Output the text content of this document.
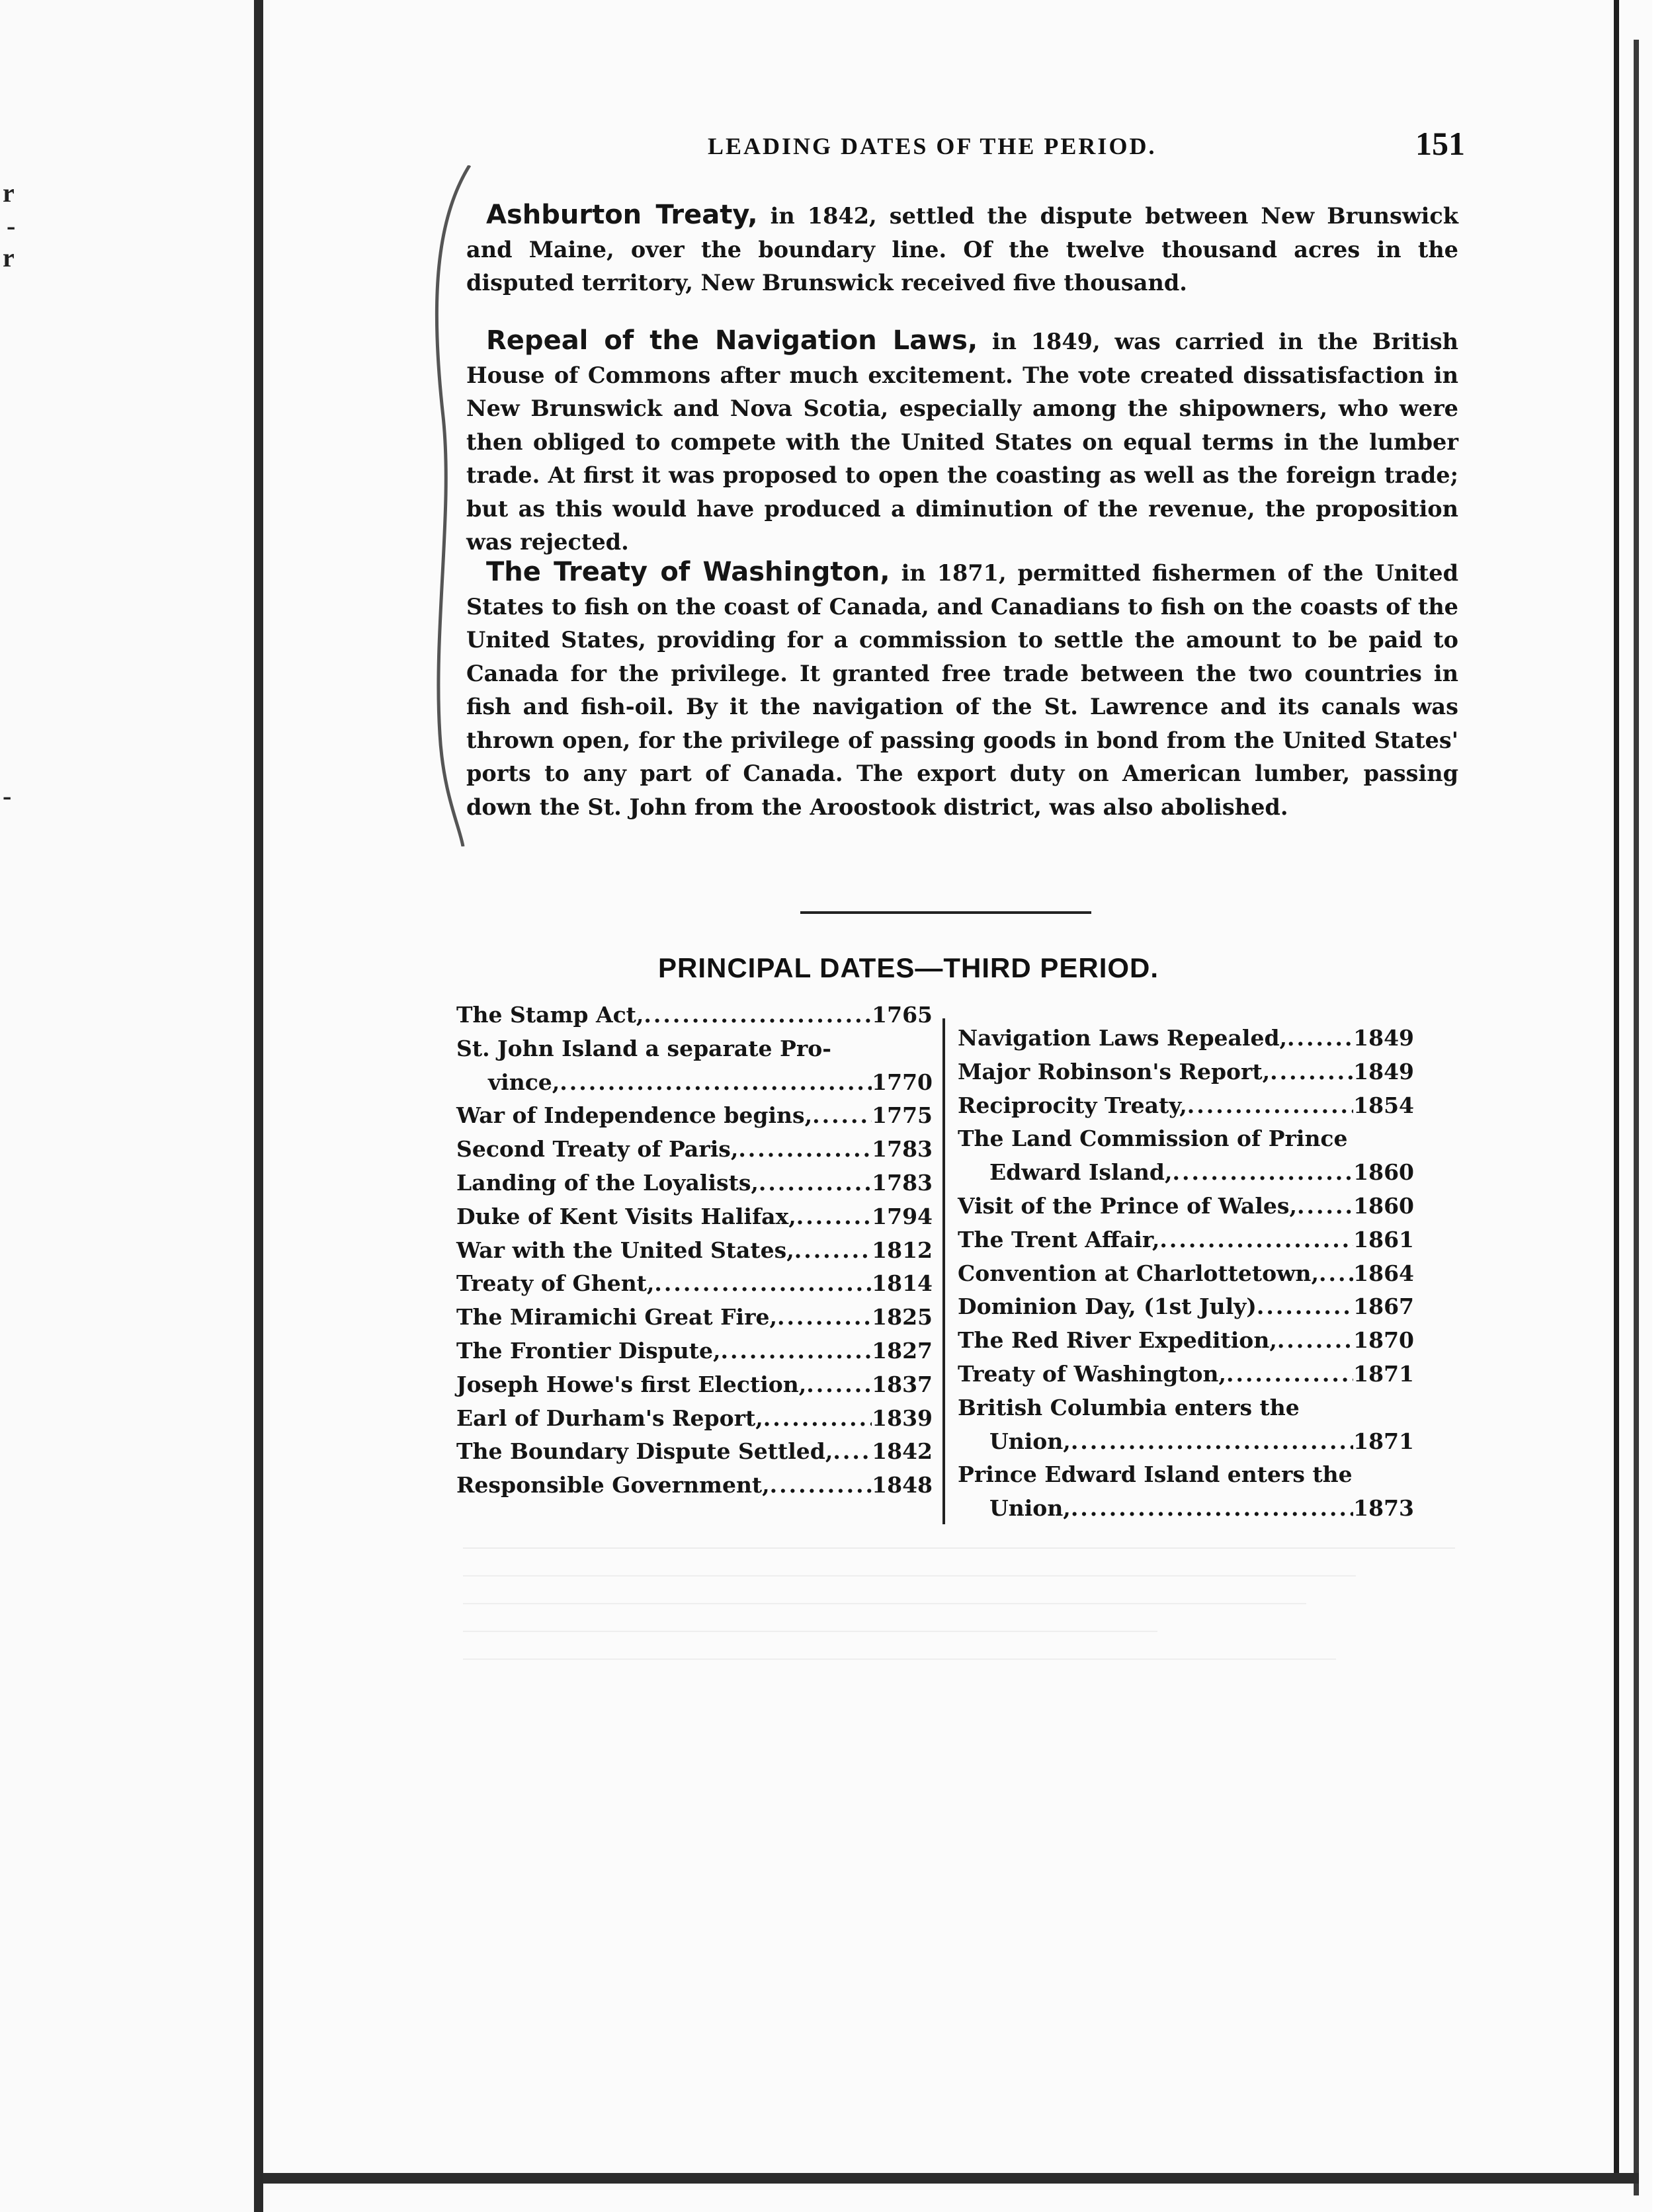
r
-
r
-
LEADING DATES OF THE PERIOD.	151
Ashburton Treaty, in 1842, settled the dispute between New Brunswick and Maine, over the boundary line. Of the twelve thousand acres in the disputed territory, New Brunswick received five thousand.
Repeal of the Navigation Laws, in 1849, was carried in the British House of Commons after much excitement. The vote created dissatisfaction in New Brunswick and Nova Scotia, especially among the shipowners, who were then obliged to compete with the United States on equal terms in the lumber trade. At first it was proposed to open the coasting as well as the foreign trade; but as this would have produced a diminution of the revenue, the proposition was rejected.
The Treaty of Washington, in 1871, permitted fishermen of the United States to fish on the coast of Canada, and Canadians to fish on the coasts of the United States, providing for a commission to settle the amount to be paid to Canada for the privilege. It granted free trade between the two countries in fish and fish-oil. By it the navigation of the St. Lawrence and its canals was thrown open, for the privilege of passing goods in bond from the United States' ports to any part of Canada. The export duty on American lumber, passing down the St. John from the Aroostook district, was also abolished.
PRINCIPAL DATES—THIRD PERIOD.
The Stamp Act, .....	1765
St. John Island a separate Pro-
vince, .....	1770
War of Independence begins, .....	1775
Second Treaty of Paris, .....	1783
Landing of the Loyalists, .....	1783
Duke of Kent Visits Halifax, .....	1794
War with the United States, .....	1812
Treaty of Ghent, .....	1814
The Miramichi Great Fire, .....	1825
The Frontier Dispute, .....	1827
Joseph Howe's first Election, .....	1837
Earl of Durham's Report, .....	1839
The Boundary Dispute Settled, ..... 1842
Responsible Government, .....	1848
Navigation Laws Repealed, .....	1849
Major Robinson's Report, .....	1849
Reciprocity Treaty, .....	1854
The Land Commission of Prince
Edward Island, .....	1860
Visit of the Prince of Wales, .....	1860
The Trent Affair, .....	1861
Convention at Charlottetown, ..... 1864
Dominion Day, (1st July) .....	1867
The Red River Expedition, .....	1870
Treaty of Washington, .....	1871
British Columbia enters the
Union, .....	1871
Prince Edward Island enters the
Union, .....	1873
